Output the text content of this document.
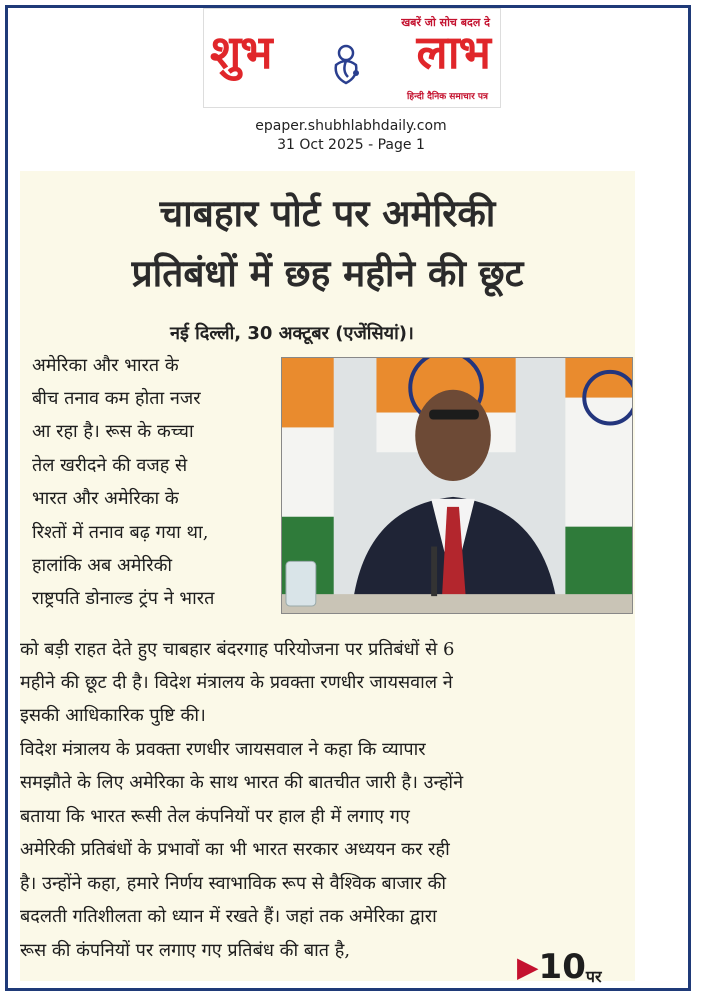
खबरें जो सोच बदल दे
शुभ	लाभ
हिन्दी दैनिक समाचार पत्र
epaper.shubhlabhdaily.com
31 Oct 2025 - Page 1
चाबहार पोर्ट पर अमेरिकी
प्रतिबंधों में छह महीने की छूट
नई दिल्ली, 30 अक्टूबर (एजेंसियां)।
अमेरिका और भारत के
बीच तनाव कम होता नजर
आ रहा है। रूस के कच्चा
तेल खरीदने की वजह से
भारत और अमेरिका के
रिश्तों में तनाव बढ़ गया था,
हालांकि अब अमेरिकी
राष्ट्रपति डोनाल्ड ट्रंप ने भारत
को बड़ी राहत देते हुए चाबहार बंदरगाह परियोजना पर प्रतिबंधों से 6
महीने की छूट दी है। विदेश मंत्रालय के प्रवक्ता रणधीर जायसवाल ने
इसकी आधिकारिक पुष्टि की।
विदेश मंत्रालय के प्रवक्ता रणधीर जायसवाल ने कहा कि व्यापार
समझौते के लिए अमेरिका के साथ भारत की बातचीत जारी है। उन्होंने
बताया कि भारत रूसी तेल कंपनियों पर हाल ही में लगाए गए
अमेरिकी प्रतिबंधों के प्रभावों का भी भारत सरकार अध्ययन कर रही
है। उन्होंने कहा, हमारे निर्णय स्वाभाविक रूप से वैश्विक बाजार की
बदलती गतिशीलता को ध्यान में रखते हैं। जहां तक अमेरिका द्वारा
रूस की कंपनियों पर लगाए गए प्रतिबंध की बात है,	▶10पर
